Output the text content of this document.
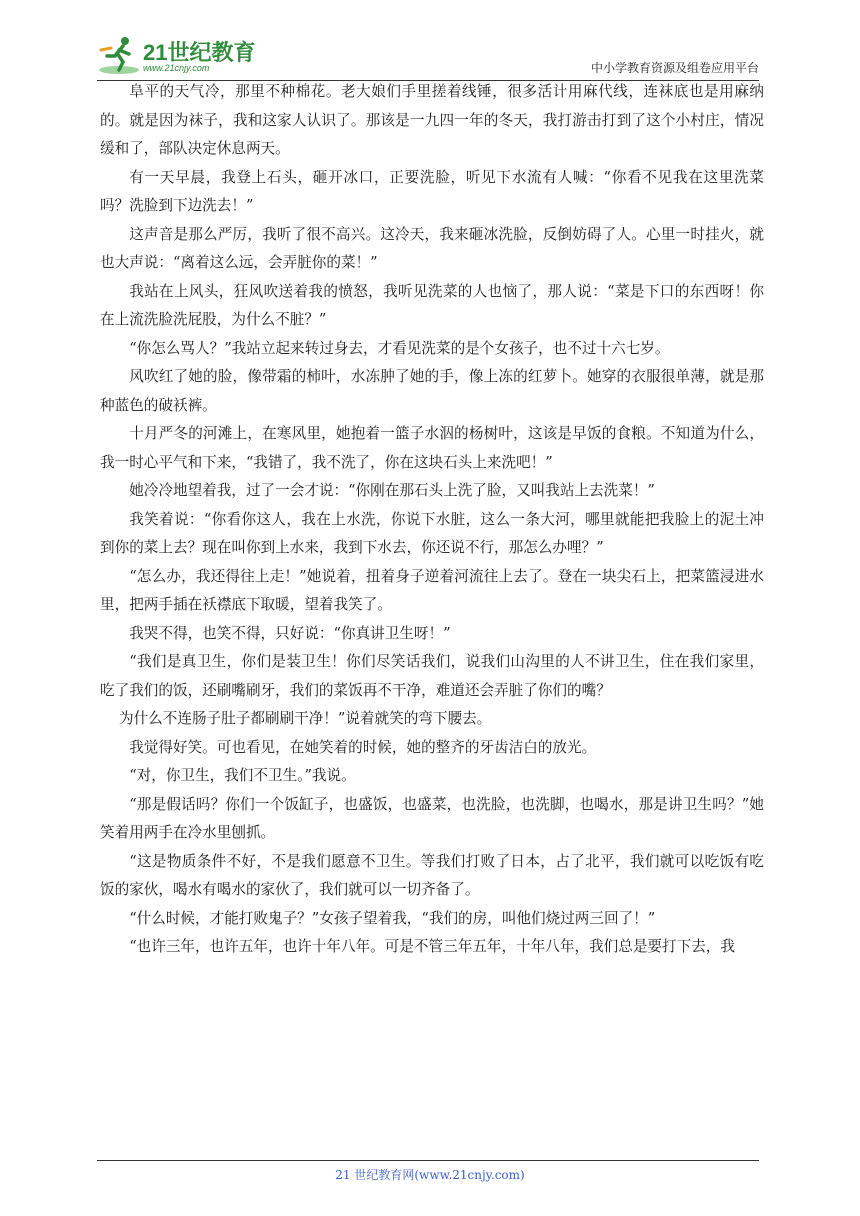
21世纪教育
www.21cnjy.com	中小学教育资源及组卷应用平台

阜平的天气冷，那里不种棉花。老大娘们手里搓着线锤，很多活计用麻代线，连袜底也是用麻纳的。就是因为袜子，我和这家人认识了。那该是一九四一年的冬天，我打游击打到了这个小村庄，情况缓和了，部队决定休息两天。

有一天早晨，我登上石头，砸开冰口，正要洗脸，听见下水流有人喊：“你看不见我在这里洗菜吗？洗脸到下边洗去！”

这声音是那么严厉，我听了很不高兴。这冷天，我来砸冰洗脸，反倒妨碍了人。心里一时挂火，就也大声说：“离着这么远，会弄脏你的菜！”

我站在上风头，狂风吹送着我的愤怒，我听见洗菜的人也恼了，那人说：“菜是下口的东西呀！你在上流洗脸洗屁股，为什么不脏？”

“你怎么骂人？”我站立起来转过身去，才看见洗菜的是个女孩子，也不过十六七岁。

风吹红了她的脸，像带霜的柿叶，水冻肿了她的手，像上冻的红萝卜。她穿的衣服很单薄，就是那种蓝色的破袄裤。

十月严冬的河滩上，在寒风里，她抱着一篮子水泅的杨树叶，这该是早饭的食粮。不知道为什么，我一时心平气和下来，“我错了，我不洗了，你在这块石头上来洗吧！”

她冷冷地望着我，过了一会才说：“你刚在那石头上洗了脸，又叫我站上去洗菜！”

我笑着说：“你看你这人，我在上水洗，你说下水脏，这么一条大河，哪里就能把我脸上的泥土冲到你的菜上去？现在叫你到上水来，我到下水去，你还说不行，那怎么办哩？”

“怎么办，我还得往上走！”她说着，扭着身子逆着河流往上去了。登在一块尖石上，把菜篮浸进水里，把两手插在袄襟底下取暖，望着我笑了。

我哭不得，也笑不得，只好说：“你真讲卫生呀！”

“我们是真卫生，你们是装卫生！你们尽笑话我们，说我们山沟里的人不讲卫生，住在我们家里，吃了我们的饭，还刷嘴刷牙，我们的菜饭再不干净，难道还会弄脏了你们的嘴？

为什么不连肠子肚子都刷刷干净！”说着就笑的弯下腰去。

我觉得好笑。可也看见，在她笑着的时候，她的整齐的牙齿洁白的放光。

“对，你卫生，我们不卫生。”我说。

“那是假话吗？你们一个饭缸子，也盛饭，也盛菜，也洗脸，也洗脚，也喝水，那是讲卫生吗？”她笑着用两手在冷水里刨抓。

“这是物质条件不好，不是我们愿意不卫生。等我们打败了日本，占了北平，我们就可以吃饭有吃饭的家伙，喝水有喝水的家伙了，我们就可以一切齐备了。

“什么时候，才能打败鬼子？”女孩子望着我，“我们的房，叫他们烧过两三回了！”

“也许三年，也许五年，也许十年八年。可是不管三年五年，十年八年，我们总是要打下去，我

21 世纪教育网(www.21cnjy.com)
